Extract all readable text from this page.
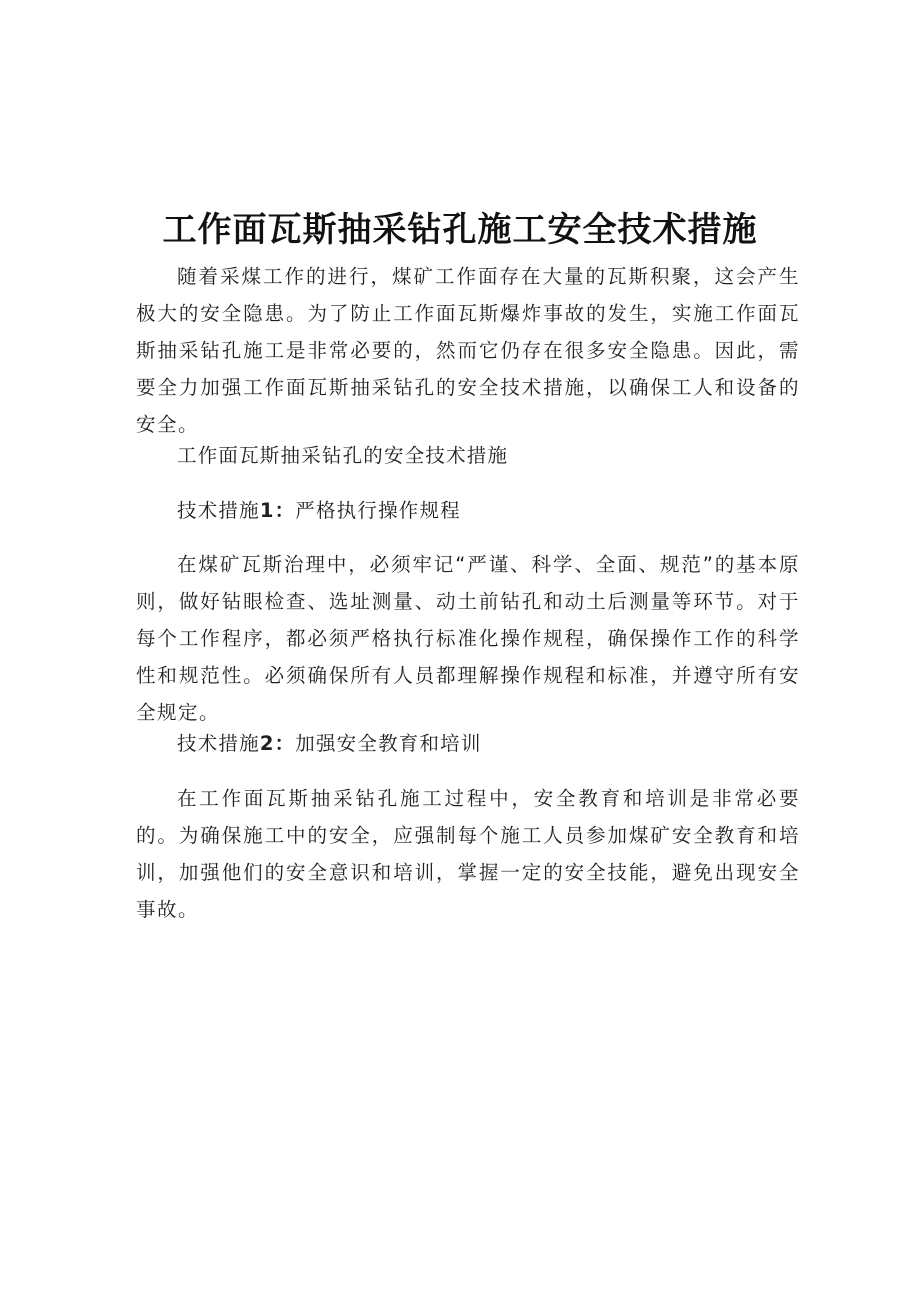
工作面瓦斯抽采钻孔施工安全技术措施

随着采煤工作的进行，煤矿工作面存在大量的瓦斯积聚，这会产生极大的安全隐患。为了防止工作面瓦斯爆炸事故的发生，实施工作面瓦斯抽采钻孔施工是非常必要的，然而它仍存在很多安全隐患。因此，需要全力加强工作面瓦斯抽采钻孔的安全技术措施，以确保工人和设备的安全。

工作面瓦斯抽采钻孔的安全技术措施

技术措施1：严格执行操作规程

在煤矿瓦斯治理中，必须牢记“严谨、科学、全面、规范”的基本原则，做好钻眼检查、选址测量、动土前钻孔和动土后测量等环节。对于每个工作程序，都必须严格执行标准化操作规程，确保操作工作的科学性和规范性。必须确保所有人员都理解操作规程和标准，并遵守所有安全规定。

技术措施2：加强安全教育和培训

在工作面瓦斯抽采钻孔施工过程中，安全教育和培训是非常必要的。为确保施工中的安全，应强制每个施工人员参加煤矿安全教育和培训，加强他们的安全意识和培训，掌握一定的安全技能，避免出现安全事故。
